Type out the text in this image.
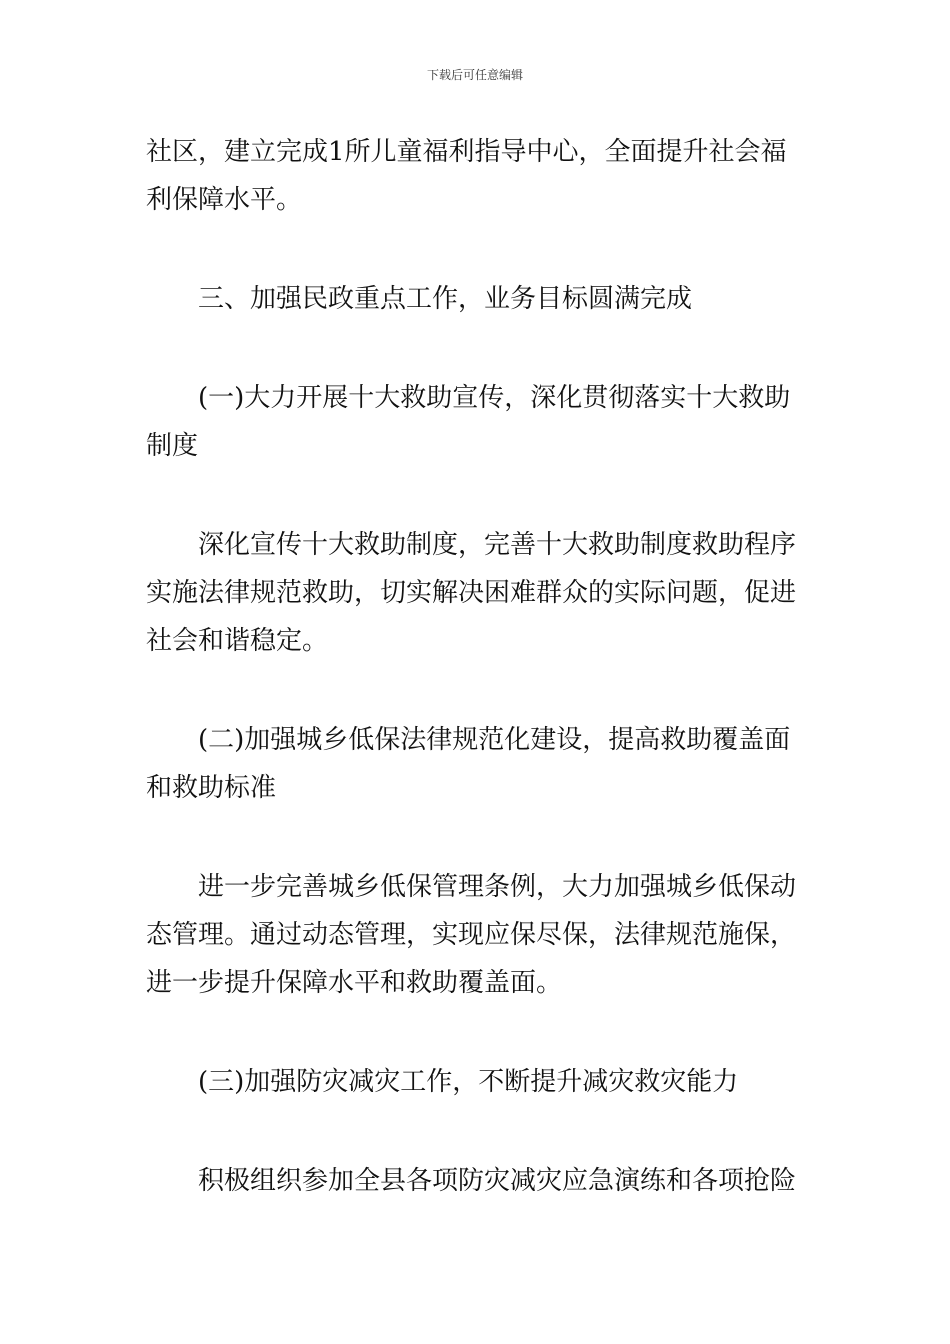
下载后可任意编辑

社区，建立完成1所儿童福利指导中心，全面提升社会福利保障水平。

三、加强民政重点工作，业务目标圆满完成

(一)大力开展十大救助宣传，深化贯彻落实十大救助制度

深化宣传十大救助制度，完善十大救助制度救助程序实施法律规范救助，切实解决困难群众的实际问题，促进社会和谐稳定。

(二)加强城乡低保法律规范化建设，提高救助覆盖面和救助标准

进一步完善城乡低保管理条例，大力加强城乡低保动态管理。通过动态管理，实现应保尽保，法律规范施保，进一步提升保障水平和救助覆盖面。

(三)加强防灾减灾工作，不断提升减灾救灾能力

积极组织参加全县各项防灾减灾应急演练和各项抢险
